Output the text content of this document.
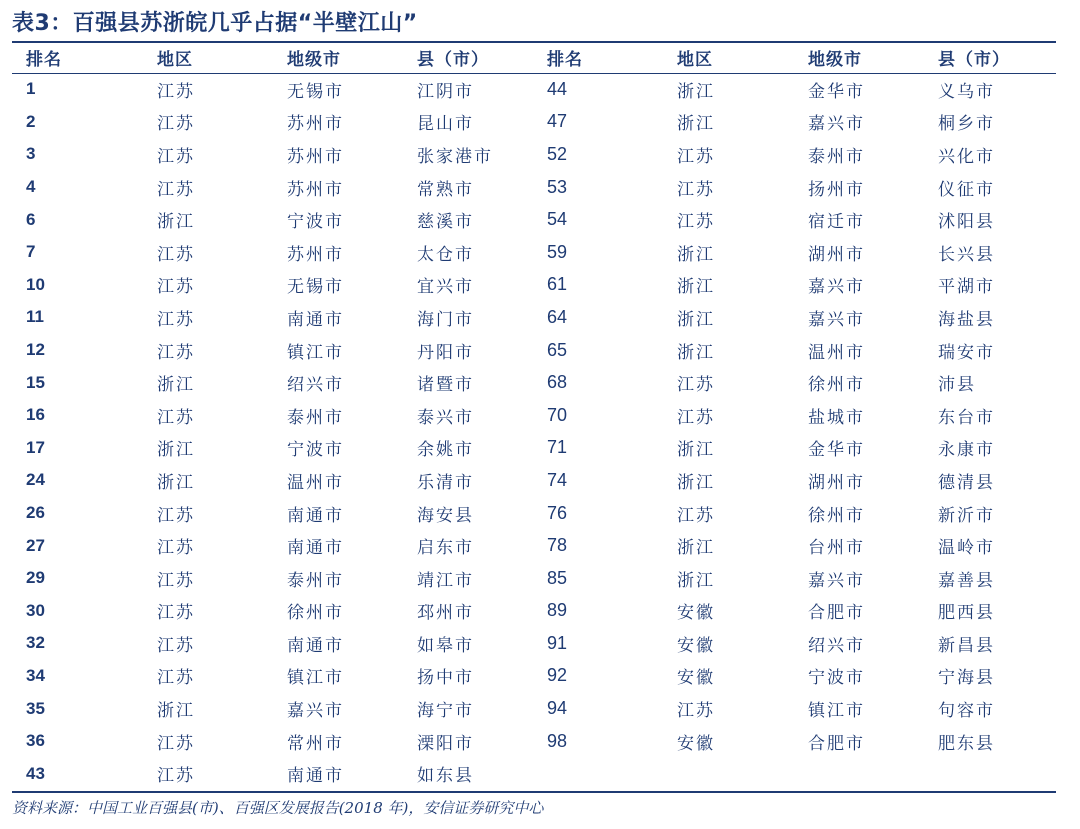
表3：百强县苏浙皖几乎占据“半壁江山”
排名	地区	地级市	县（市）	排名	地区	地级市	县（市）
1	江苏	无锡市	江阴市	44	浙江	金华市	义乌市
2	江苏	苏州市	昆山市	47	浙江	嘉兴市	桐乡市
3	江苏	苏州市	张家港市	52	江苏	泰州市	兴化市
4	江苏	苏州市	常熟市	53	江苏	扬州市	仪征市
6	浙江	宁波市	慈溪市	54	江苏	宿迁市	沭阳县
7	江苏	苏州市	太仓市	59	浙江	湖州市	长兴县
10	江苏	无锡市	宜兴市	61	浙江	嘉兴市	平湖市
11	江苏	南通市	海门市	64	浙江	嘉兴市	海盐县
12	江苏	镇江市	丹阳市	65	浙江	温州市	瑞安市
15	浙江	绍兴市	诸暨市	68	江苏	徐州市	沛县
16	江苏	泰州市	泰兴市	70	江苏	盐城市	东台市
17	浙江	宁波市	余姚市	71	浙江	金华市	永康市
24	浙江	温州市	乐清市	74	浙江	湖州市	德清县
26	江苏	南通市	海安县	76	江苏	徐州市	新沂市
27	江苏	南通市	启东市	78	浙江	台州市	温岭市
29	江苏	泰州市	靖江市	85	浙江	嘉兴市	嘉善县
30	江苏	徐州市	邳州市	89	安徽	合肥市	肥西县
32	江苏	南通市	如皋市	91	安徽	绍兴市	新昌县
34	江苏	镇江市	扬中市	92	安徽	宁波市	宁海县
35	浙江	嘉兴市	海宁市	94	江苏	镇江市	句容市
36	江苏	常州市	溧阳市	98	安徽	合肥市	肥东县
43	江苏	南通市	如东县
资料来源：中国工业百强县(市)、百强区发展报告(2018 年)，安信证券研究中心
